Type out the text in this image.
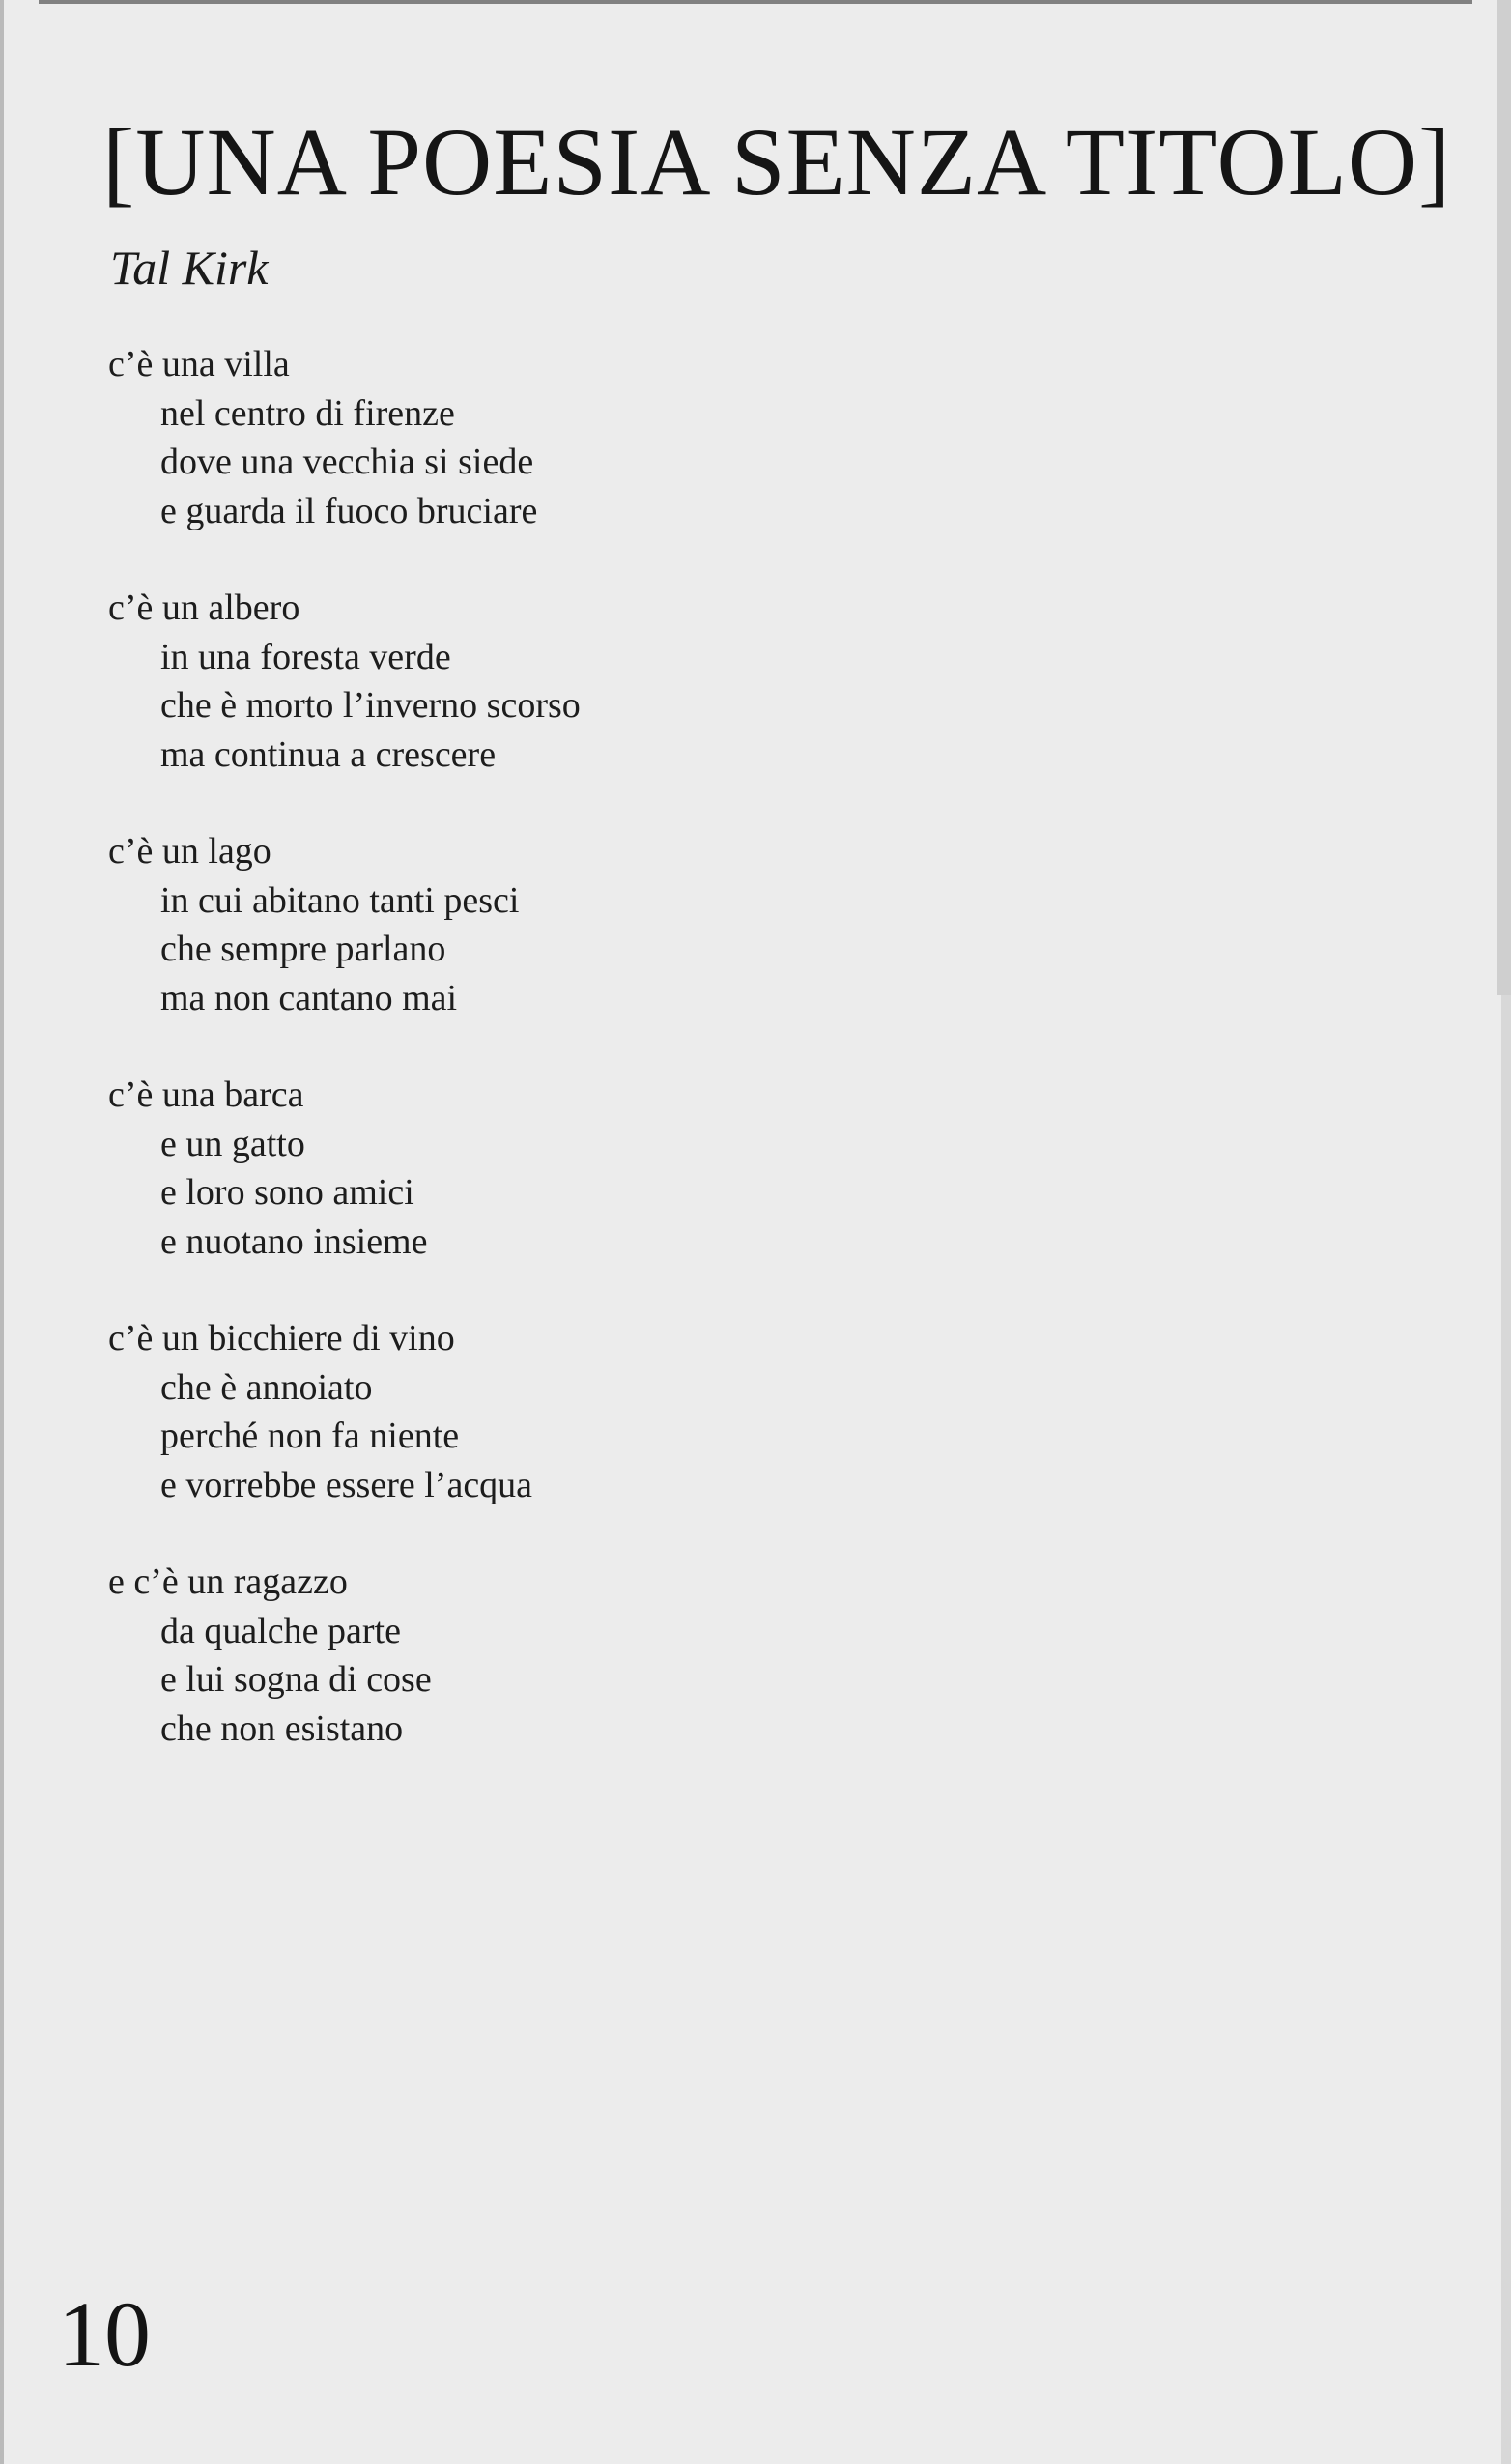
[UNA POESIA SENZA TITOLO]

Tal Kirk

c’è una villa
nel centro di firenze
dove una vecchia si siede
e guarda il fuoco bruciare
c’è un albero
in una foresta verde
che è morto l’inverno scorso
ma continua a crescere
c’è un lago
in cui abitano tanti pesci
che sempre parlano
ma non cantano mai
c’è una barca
e un gatto
e loro sono amici
e nuotano insieme
c’è un bicchiere di vino
che è annoiato
perché non fa niente
e vorrebbe essere l’acqua
e c’è un ragazzo
da qualche parte
e lui sogna di cose
che non esistano
10
